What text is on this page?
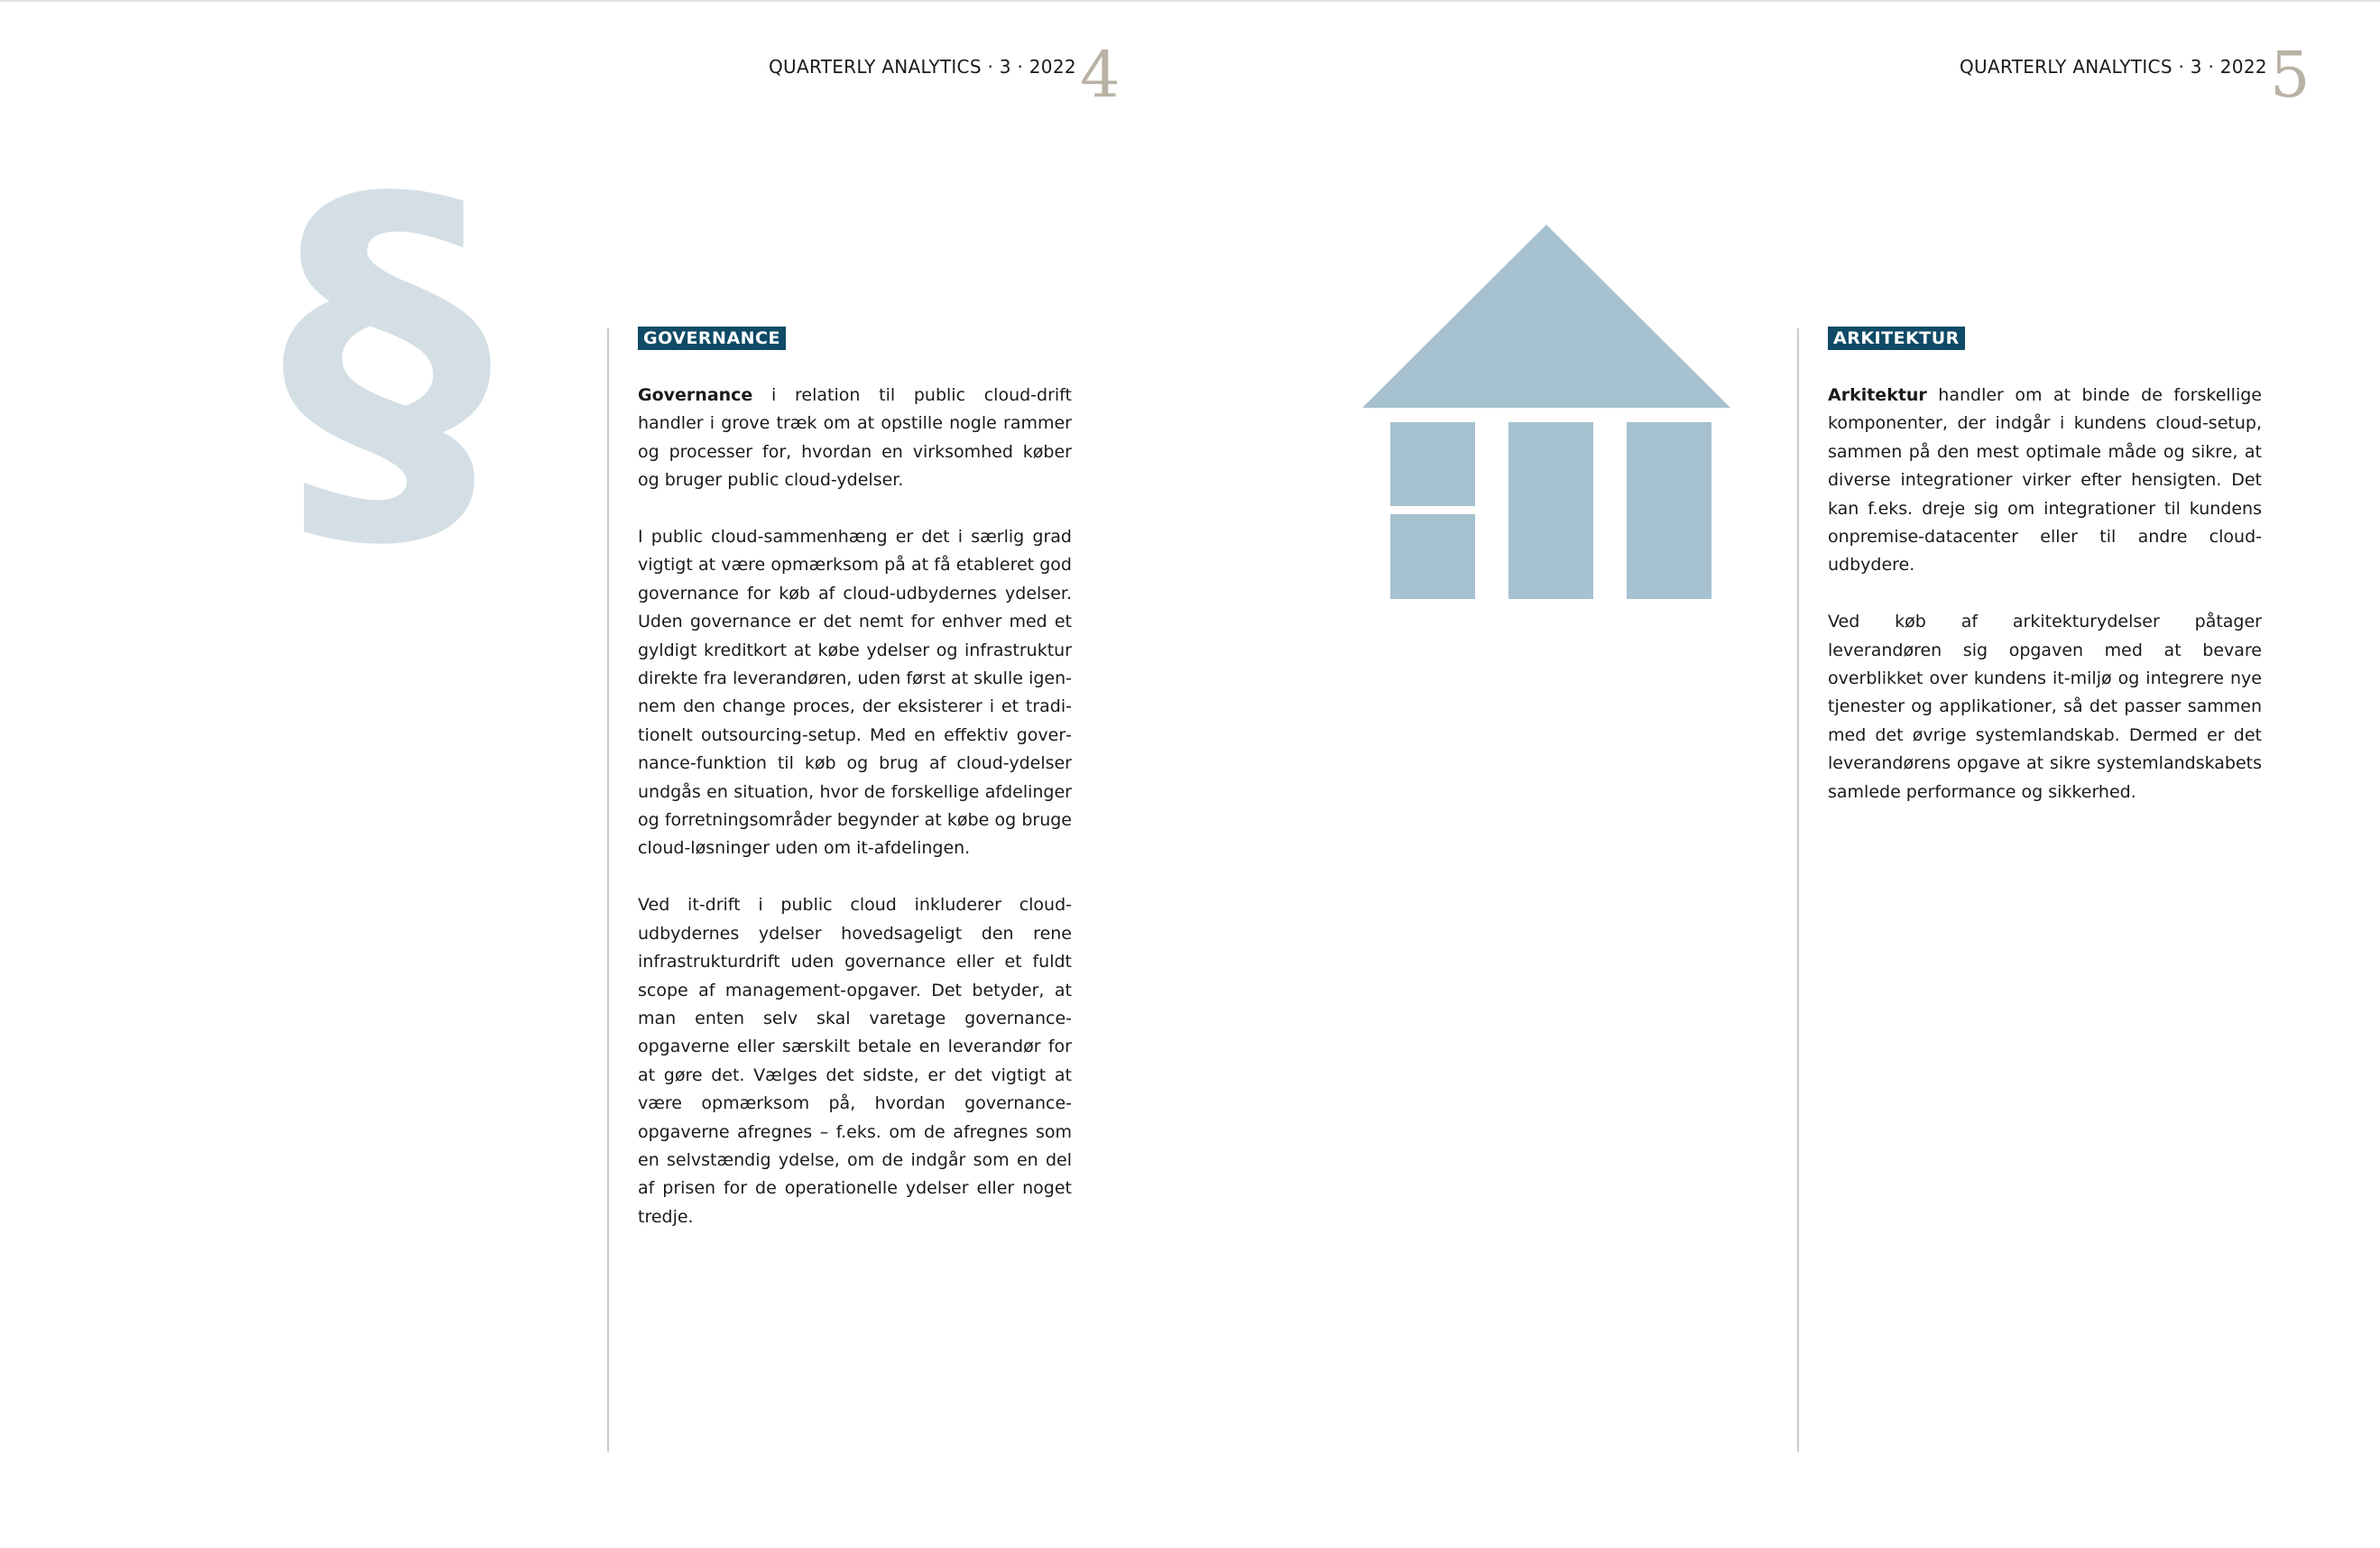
QUARTERLY ANALYTICS · 3 · 2022 4
§	GOVERNANCE

Governance i relation til public cloud-drift handler i grove træk om at opstille nogle rammer og processer for, hvordan en virksomhed køber og bruger public cloud-ydelser.

I public cloud-sammenhæng er det i særlig grad vigtigt at være opmærksom på at få etableret god governance for køb af cloud-udbydernes ydelser. Uden governance er det nemt for enhver med et gyldigt kreditkort at købe ydelser og infrastruktur direkte fra leverandøren, uden først at skulle igennem den change proces, der eksisterer i et traditionelt outsourcing-setup. Med en effektiv governance-funktion til køb og brug af cloud-ydelser undgås en situation, hvor de forskellige afdelinger og forretningsområder begynder at købe og bruge cloud-løsninger uden om it-afdelingen.

Ved it-drift i public cloud inkluderer cloud-udbydernes ydelser hovedsageligt den rene infrastrukturdrift uden governance eller et fuldt scope af management-opgaver. Det betyder, at man enten selv skal varetage governance-opgaverne eller særskilt betale en leverandør for at gøre det. Vælges det sidste, er det vigtigt at være opmærksom på, hvordan governance-opgaverne afregnes – f.eks. om de afregnes som en selvstændig ydelse, om de indgår som en del af prisen for de operationelle ydelser eller noget tredje.

QUARTERLY ANALYTICS · 3 · 2022 5
ARKITEKTUR

Arkitektur handler om at binde de forskellige komponenter, der indgår i kundens cloud-setup, sammen på den mest optimale måde og sikre, at diverse integrationer virker efter hensigten. Det kan f.eks. dreje sig om integrationer til kundens onpremise-datacenter eller til andre cloud-udbydere.

Ved køb af arkitekturydelser påtager leverandøren sig opgaven med at bevare overblikket over kundens it-miljø og integrere nye tjenester og applikationer, så det passer sammen med det øvrige systemlandskab. Dermed er det leverandørens opgave at sikre systemlandskabets samlede performance og sikkerhed.
